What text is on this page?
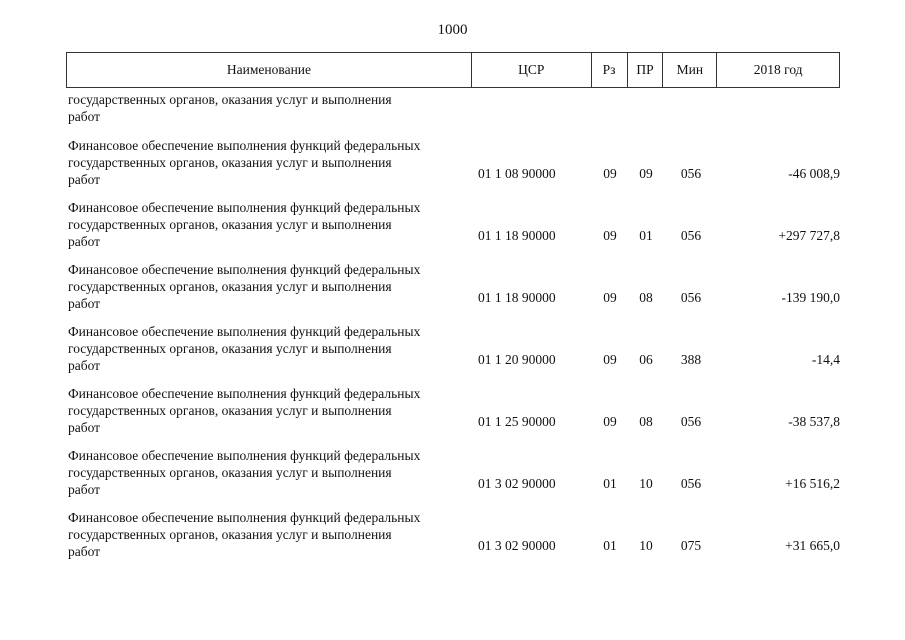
1000
Наименование	ЦСР	Рз	ПР	Мин	2018 год
государственных органов, оказания услуг и выполнения
работ
Финансовое обеспечение выполнения функций федеральных
государственных органов, оказания услуг и выполнения
работ	01 1 08 90000	09	09	056	-46 008,9
Финансовое обеспечение выполнения функций федеральных
государственных органов, оказания услуг и выполнения
работ	01 1 18 90000	09	01	056	+297 727,8
Финансовое обеспечение выполнения функций федеральных
государственных органов, оказания услуг и выполнения
работ	01 1 18 90000	09	08	056	-139 190,0
Финансовое обеспечение выполнения функций федеральных
государственных органов, оказания услуг и выполнения
работ	01 1 20 90000	09	06	388	-14,4
Финансовое обеспечение выполнения функций федеральных
государственных органов, оказания услуг и выполнения
работ	01 1 25 90000	09	08	056	-38 537,8
Финансовое обеспечение выполнения функций федеральных
государственных органов, оказания услуг и выполнения
работ	01 3 02 90000	01	10	056	+16 516,2
Финансовое обеспечение выполнения функций федеральных
государственных органов, оказания услуг и выполнения
работ	01 3 02 90000	01	10	075	+31 665,0
